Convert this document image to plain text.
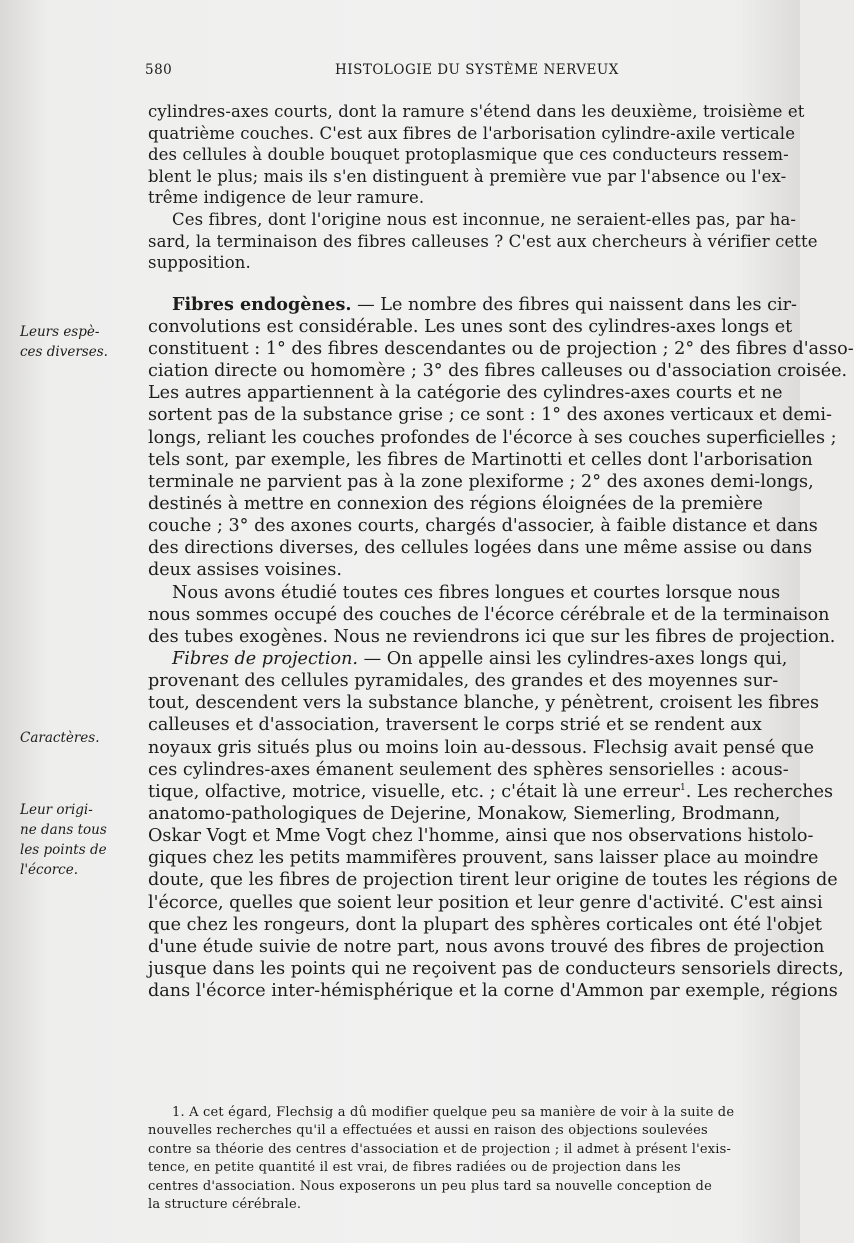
580	HISTOLOGIE DU SYSTÈME NERVEUX
cylindres-axes courts, dont la ramure s'étend dans les deuxième, troisième et
quatrième couches. C'est aux fibres de l'arborisation cylindre-axile verticale
des cellules à double bouquet protoplasmique que ces conducteurs ressem-
blent le plus; mais ils s'en distinguent à première vue par l'absence ou l'ex-
trême indigence de leur ramure.
Ces fibres, dont l'origine nous est inconnue, ne seraient-elles pas, par ha-
sard, la terminaison des fibres calleuses ? C'est aux chercheurs à vérifier cette
supposition.
Fibres endogènes. — Le nombre des fibres qui naissent dans les cir-
convolutions est considérable. Les unes sont des cylindres-axes longs et
constituent : 1° des fibres descendantes ou de projection ; 2° des fibres d'asso-
ciation directe ou homomère ; 3° des fibres calleuses ou d'association croisée.
Les autres appartiennent à la catégorie des cylindres-axes courts et ne
sortent pas de la substance grise ; ce sont : 1° des axones verticaux et demi-
longs, reliant les couches profondes de l'écorce à ses couches superficielles ;
tels sont, par exemple, les fibres de Martinotti et celles dont l'arborisation
terminale ne parvient pas à la zone plexiforme ; 2° des axones demi-longs,
destinés à mettre en connexion des régions éloignées de la première
couche ; 3° des axones courts, chargés d'associer, à faible distance et dans
des directions diverses, des cellules logées dans une même assise ou dans
deux assises voisines.
Nous avons étudié toutes ces fibres longues et courtes lorsque nous
nous sommes occupé des couches de l'écorce cérébrale et de la terminaison
des tubes exogènes. Nous ne reviendrons ici que sur les fibres de projection.
Fibres de projection. — On appelle ainsi les cylindres-axes longs qui,
provenant des cellules pyramidales, des grandes et des moyennes sur-
tout, descendent vers la substance blanche, y pénètrent, croisent les fibres
calleuses et d'association, traversent le corps strié et se rendent aux
noyaux gris situés plus ou moins loin au-dessous. Flechsig avait pensé que
ces cylindres-axes émanent seulement des sphères sensorielles : acous-
tique, olfactive, motrice, visuelle, etc. ; c'était là une erreur$^1$. Les recherches
anatomo-pathologiques de Dejerine, Monakow, Siemerling, Brodmann,
Oskar Vogt et Mme Vogt chez l'homme, ainsi que nos observations histolo-
giques chez les petits mammifères prouvent, sans laisser place au moindre
doute, que les fibres de projection tirent leur origine de toutes les régions de
l'écorce, quelles que soient leur position et leur genre d'activité. C'est ainsi
que chez les rongeurs, dont la plupart des sphères corticales ont été l'objet
d'une étude suivie de notre part, nous avons trouvé des fibres de projection
jusque dans les points qui ne reçoivent pas de conducteurs sensoriels directs,
dans l'écorce inter-hémisphérique et la corne d'Ammon par exemple, régions
Leurs espè-
ces diverses.
Caractères.
Leur origi-
ne dans tous
les points de
l'écorce.
1. A cet égard, Flechsig a dû modifier quelque peu sa manière de voir à la suite de
nouvelles recherches qu'il a effectuées et aussi en raison des objections soulevées
contre sa théorie des centres d'association et de projection ; il admet à présent l'exis-
tence, en petite quantité il est vrai, de fibres radiées ou de projection dans les
centres d'association. Nous exposerons un peu plus tard sa nouvelle conception de
la structure cérébrale.
